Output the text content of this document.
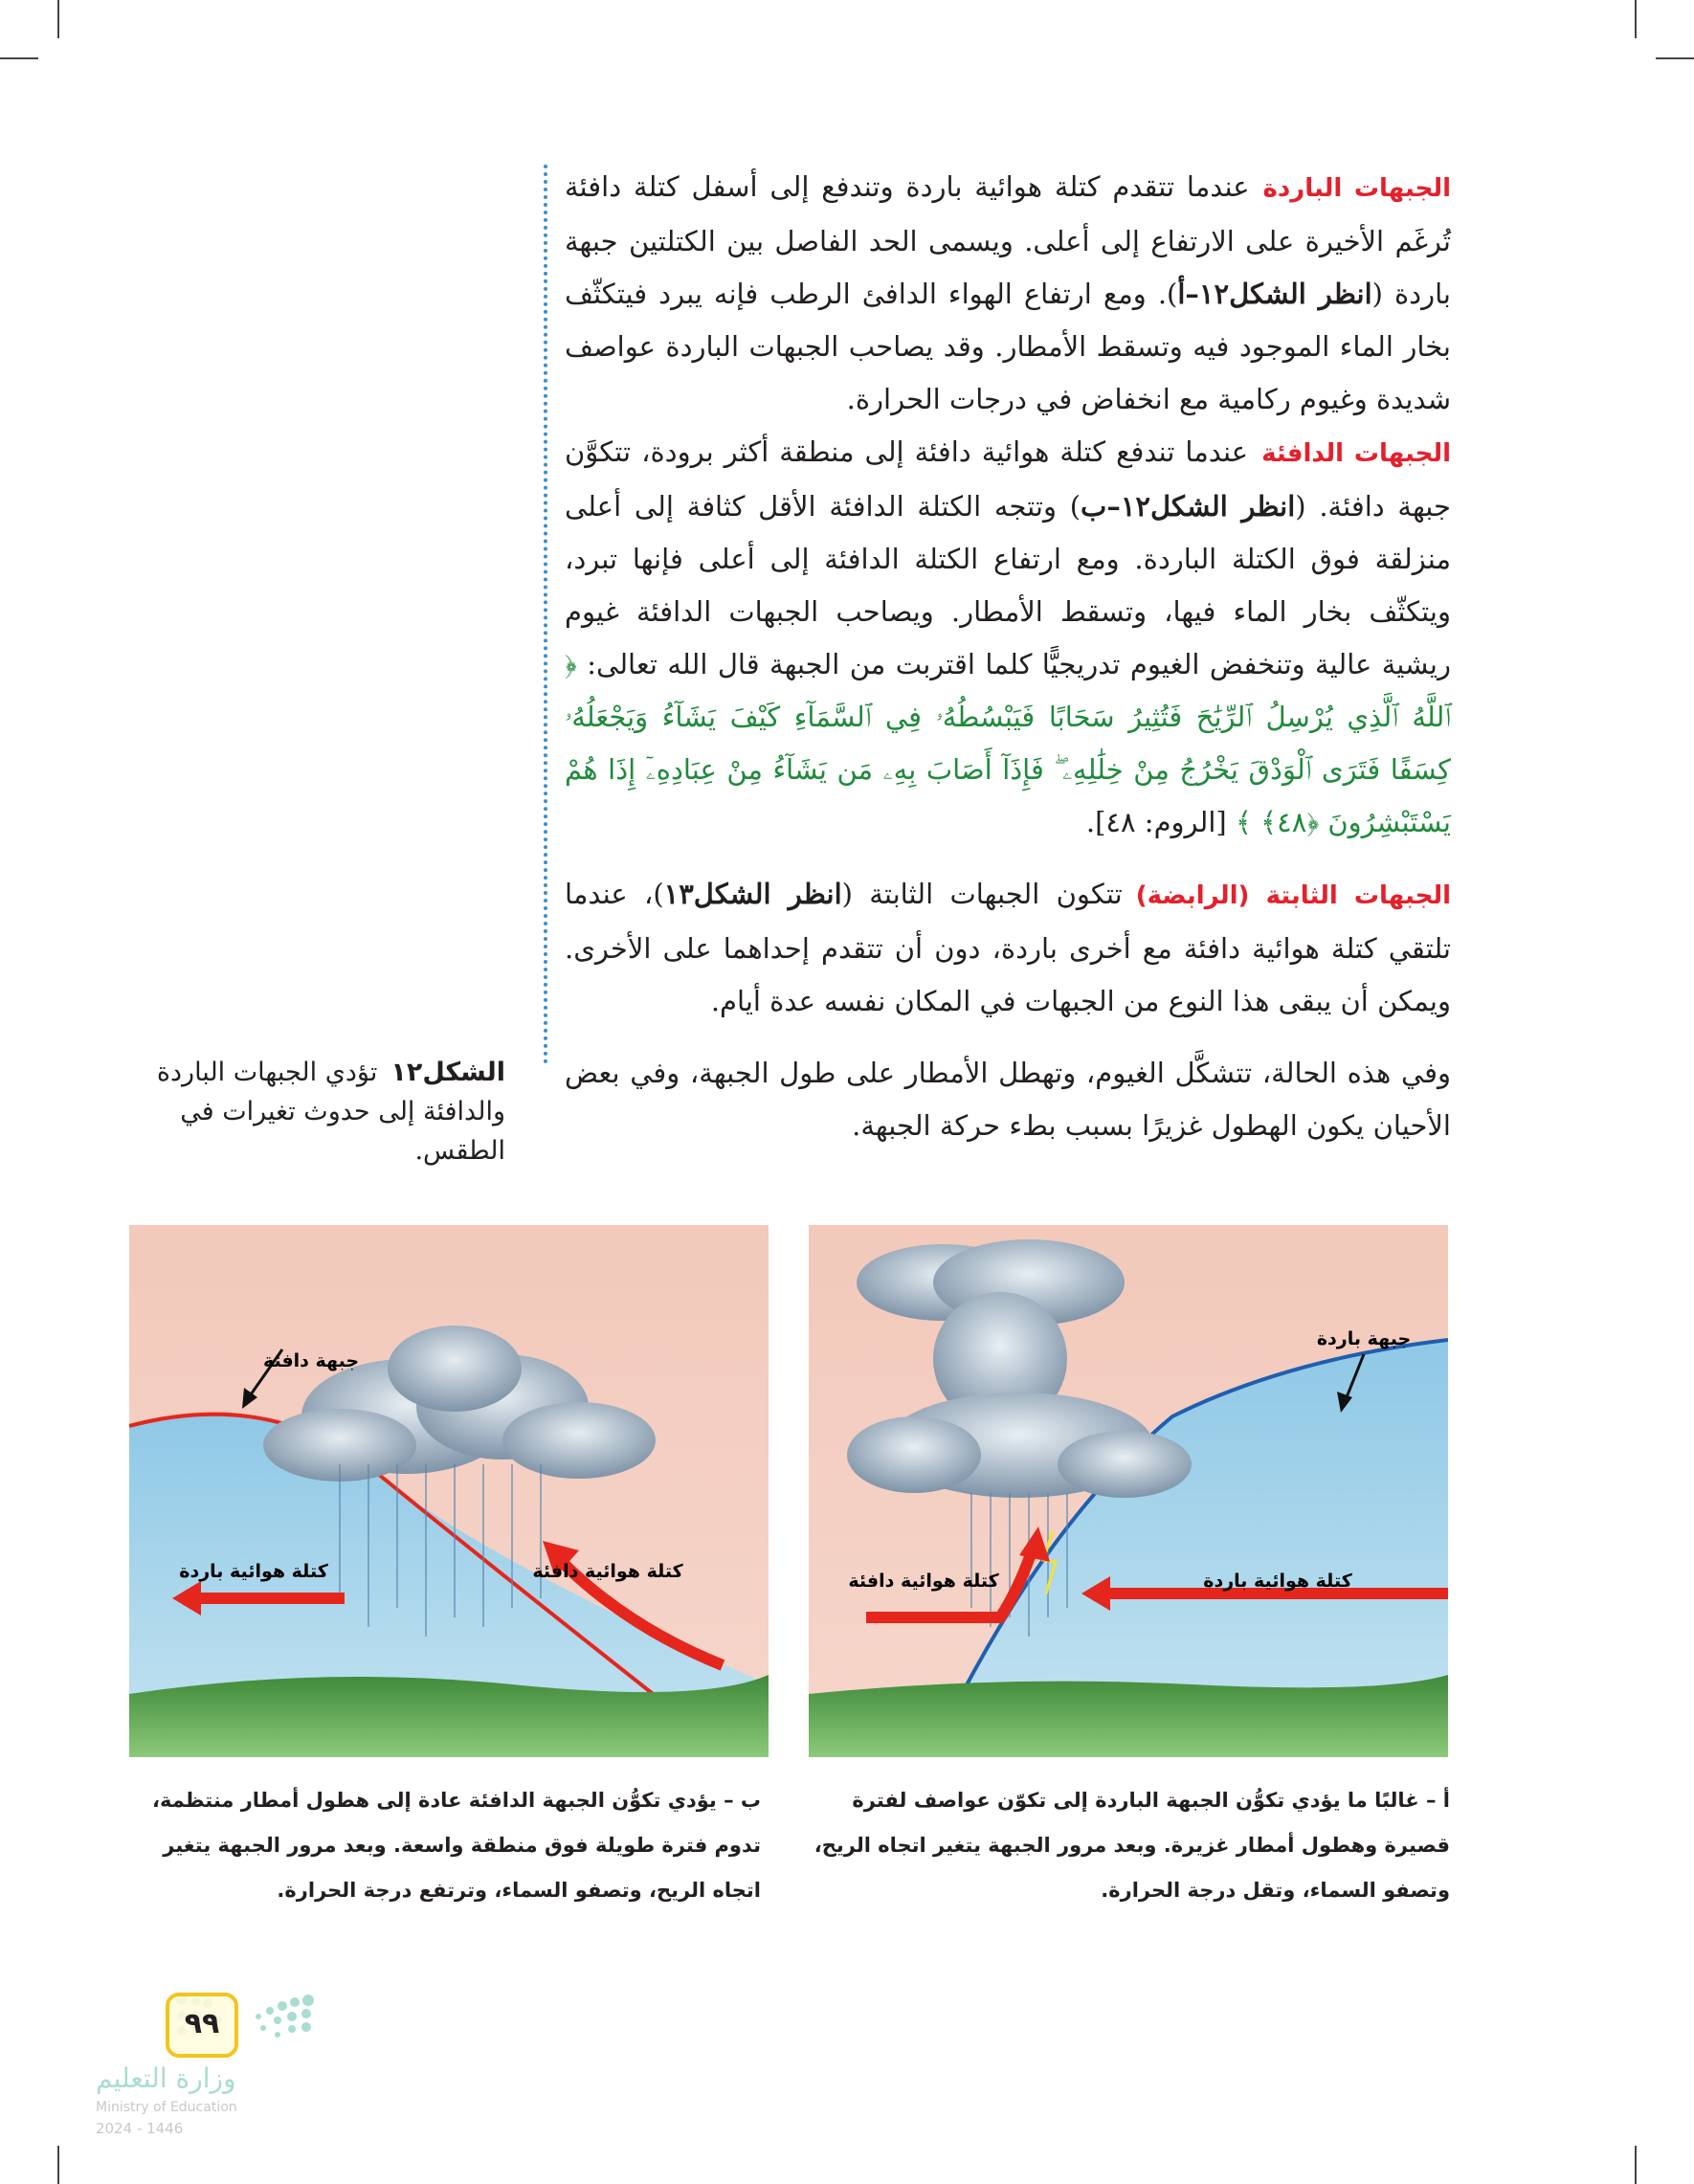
الجبهات الباردةعندما تتقدم كتلة هوائية باردة وتندفع إلى أسفل كتلة دافئة تُرغَم الأخيرة على الارتفاع إلى أعلى. ويسمى الحد الفاصل بين الكتلتين جبهة باردة (انظر الشكل١٢–أ). ومع ارتفاع الهواء الدافئ الرطب فإنه يبرد فيتكثّف بخار الماء الموجود فيه وتسقط الأمطار. وقد يصاحب الجبهات الباردة عواصف شديدة وغيوم ركامية مع انخفاض في درجات الحرارة.

الجبهات الدافئةعندما تندفع كتلة هوائية دافئة إلى منطقة أكثر برودة، تتكوَّن جبهة دافئة. (انظر الشكل١٢–ب) وتتجه الكتلة الدافئة الأقل كثافة إلى أعلى منزلقة فوق الكتلة الباردة. ومع ارتفاع الكتلة الدافئة إلى أعلى فإنها تبرد، ويتكثّف بخار الماء فيها، وتسقط الأمطار. ويصاحب الجبهات الدافئة غيوم ريشية عالية وتنخفض الغيوم تدريجيًّا كلما اقتربت من الجبهة قال الله تعالى: ﴿ ٱللَّهُ ٱلَّذِي يُرْسِلُ ٱلرِّيَٰحَ فَتُثِيرُ سَحَابًا فَيَبْسُطُهُۥ فِي ٱلسَّمَآءِ كَيْفَ يَشَآءُ وَيَجْعَلُهُۥ كِسَفًا فَتَرَى ٱلْوَدْقَ يَخْرُجُ مِنْ خِلَٰلِهِۦ ۖ فَإِذَآ أَصَابَ بِهِۦ مَن يَشَآءُ مِنْ عِبَادِهِۦٓ إِذَا هُمْ يَسْتَبْشِرُونَ ﴿٤٨﴾ ﴾ [الروم: ٤٨].

الجبهات الثابتة (الرابضة)تتكون الجبهات الثابتة (انظر الشكل١٣)، عندما تلتقي كتلة هوائية دافئة مع أخرى باردة، دون أن تتقدم إحداهما على الأخرى. ويمكن أن يبقى هذا النوع من الجبهات في المكان نفسه عدة أيام.

وفي هذه الحالة، تتشكَّل الغيوم، وتهطل الأمطار على طول الجبهة، وفي بعض الأحيان يكون الهطول غزيرًا بسبب بطء حركة الجبهة.

الشكل١٢تؤدي الجبهات الباردة والدافئة إلى حدوث تغيرات في الطقس.
جبهة دافئة
كتلة هوائية باردة	كتلة هوائية دافئة
جبهة باردة
كتلة هوائية باردة
كتلة هوائية دافئة
أ – غالبًا ما يؤدي تكوُّن الجبهة الباردة إلى تكوّن عواصف لفترة قصيرة وهطول أمطار غزيرة. وبعد مرور الجبهة يتغير اتجاه الريح، وتصفو السماء، وتقل درجة الحرارة.
ب – يؤدي تكوُّن الجبهة الدافئة عادة إلى هطول أمطار منتظمة، تدوم فترة طويلة فوق منطقة واسعة. وبعد مرور الجبهة يتغير اتجاه الريح، وتصفو السماء، وترتفع درجة الحرارة.
٩٩
وزارة التعليم
Ministry of Education
2024 - 1446
